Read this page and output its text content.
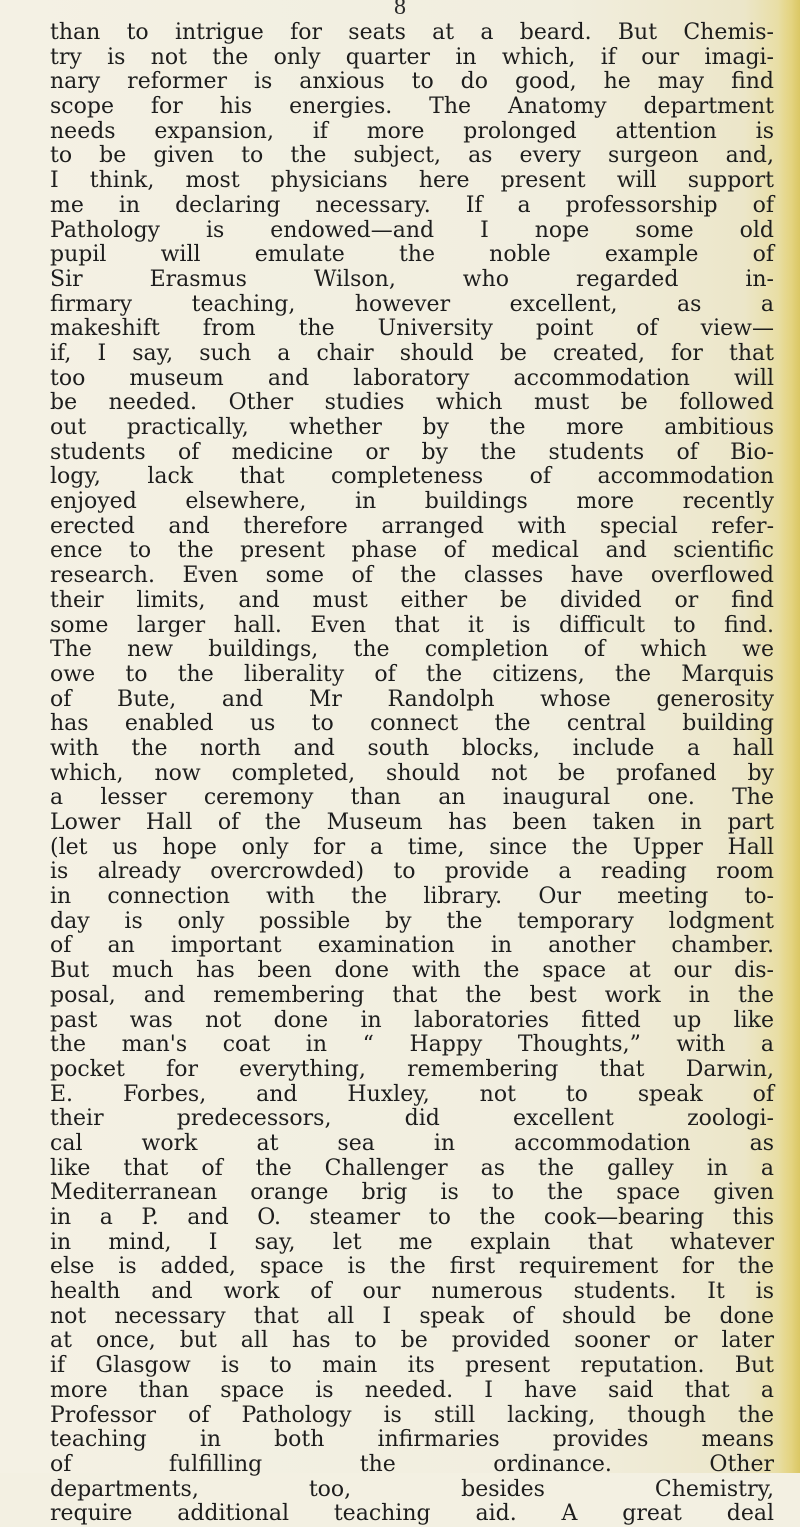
8
than to intrigue for seats at a beard. But Chemis-
try is not the only quarter in which, if our imagi-
nary reformer is anxious to do good, he may find
scope for his energies. The Anatomy department
needs expansion, if more prolonged attention is
to be given to the subject, as every surgeon and,
I think, most physicians here present will support
me in declaring necessary. If a professorship of
Pathology is endowed—and I nope some old
pupil will emulate the noble example of
Sir Erasmus Wilson, who regarded in-
firmary teaching, however excellent, as a
makeshift from the University point of view—
if, I say, such a chair should be created, for that
too museum and laboratory accommodation will
be needed. Other studies which must be followed
out practically, whether by the more ambitious
students of medicine or by the students of Bio-
logy, lack that completeness of accommodation
enjoyed elsewhere, in buildings more recently
erected and therefore arranged with special refer-
ence to the present phase of medical and scientific
research. Even some of the classes have overflowed
their limits, and must either be divided or find
some larger hall. Even that it is difficult to find.
The new buildings, the completion of which we
owe to the liberality of the citizens, the Marquis
of Bute, and Mr Randolph whose generosity
has enabled us to connect the central building
with the north and south blocks, include a hall
which, now completed, should not be profaned by
a lesser ceremony than an inaugural one. The
Lower Hall of the Museum has been taken in part
(let us hope only for a time, since the Upper Hall
is already overcrowded) to provide a reading room
in connection with the library. Our meeting to-
day is only possible by the temporary lodgment
of an important examination in another chamber.
But much has been done with the space at our dis-
posal, and remembering that the best work in the
past was not done in laboratories fitted up like
the man's coat in “ Happy Thoughts,” with a
pocket for everything, remembering that Darwin,
E. Forbes, and Huxley, not to speak of
their predecessors, did excellent zoologi-
cal work at sea in accommodation as
like that of the Challenger as the galley in a
Mediterranean orange brig is to the space given
in a P. and O. steamer to the cook—bearing this
in mind, I say, let me explain that whatever
else is added, space is the first requirement for the
health and work of our numerous students. It is
not necessary that all I speak of should be done
at once, but all has to be provided sooner or later
if Glasgow is to main its present reputation. But
more than space is needed. I have said that a
Professor of Pathology is still lacking, though the
teaching in both infirmaries provides means
of fulfilling the ordinance. Other
departments, too, besides Chemistry,
require additional teaching aid. A great deal
